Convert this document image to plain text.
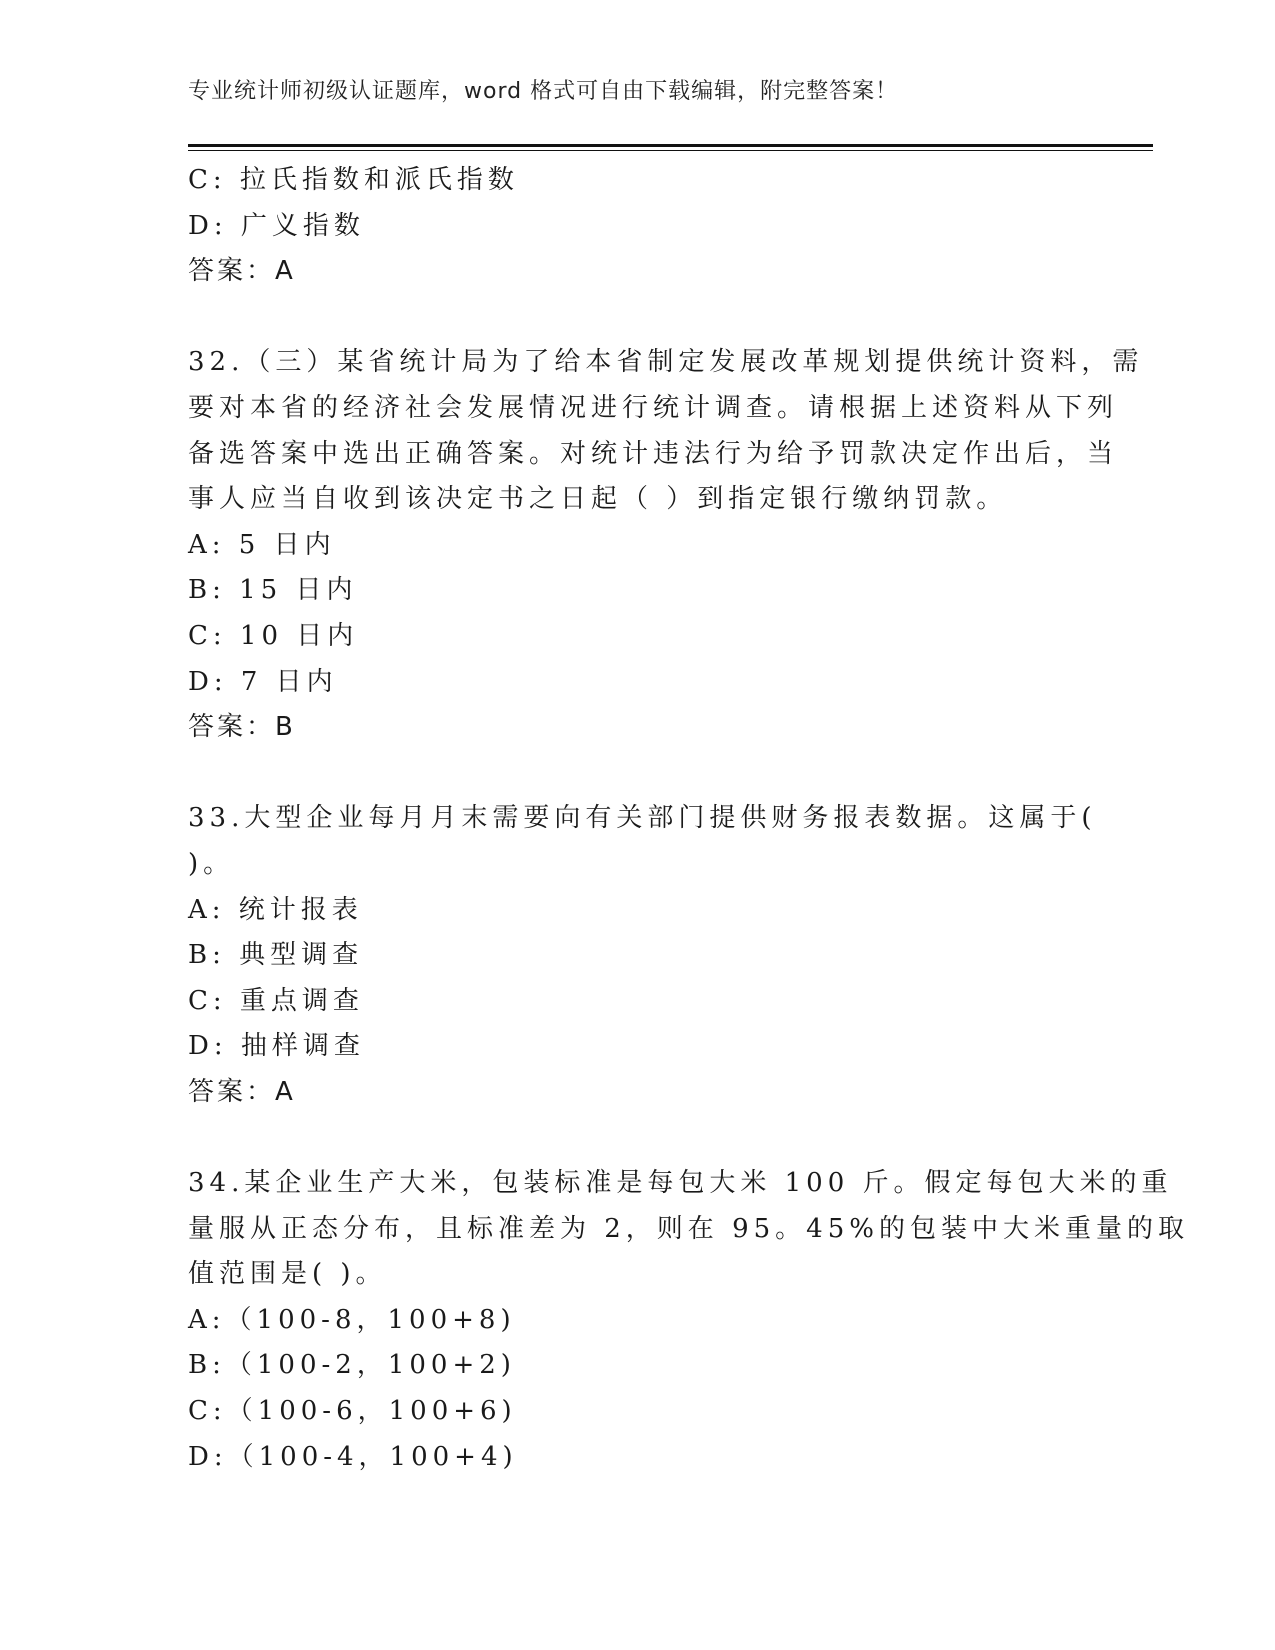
专业统计师初级认证题库，word 格式可自由下载编辑，附完整答案！
C: 拉氏指数和派氏指数
D: 广义指数
答案：A
32.（三）某省统计局为了给本省制定发展改革规划提供统计资料，需
要对本省的经济社会发展情况进行统计调查。请根据上述资料从下列
备选答案中选出正确答案。对统计违法行为给予罚款决定作出后，当
事人应当自收到该决定书之日起（ ）到指定银行缴纳罚款。
A: 5 日内
B: 15 日内
C: 10 日内
D: 7 日内
答案：B
33.大型企业每月月末需要向有关部门提供财务报表数据。这属于(
)。
A: 统计报表
B: 典型调查
C: 重点调查
D: 抽样调查
答案：A
34.某企业生产大米，包装标准是每包大米 100 斤。假定每包大米的重
量服从正态分布，且标准差为 2，则在 95。45%的包装中大米重量的取
值范围是( )。
A:（100-8，100+8)
B:（100-2，100+2)
C:（100-6，100+6)
D:（100-4，100+4)
